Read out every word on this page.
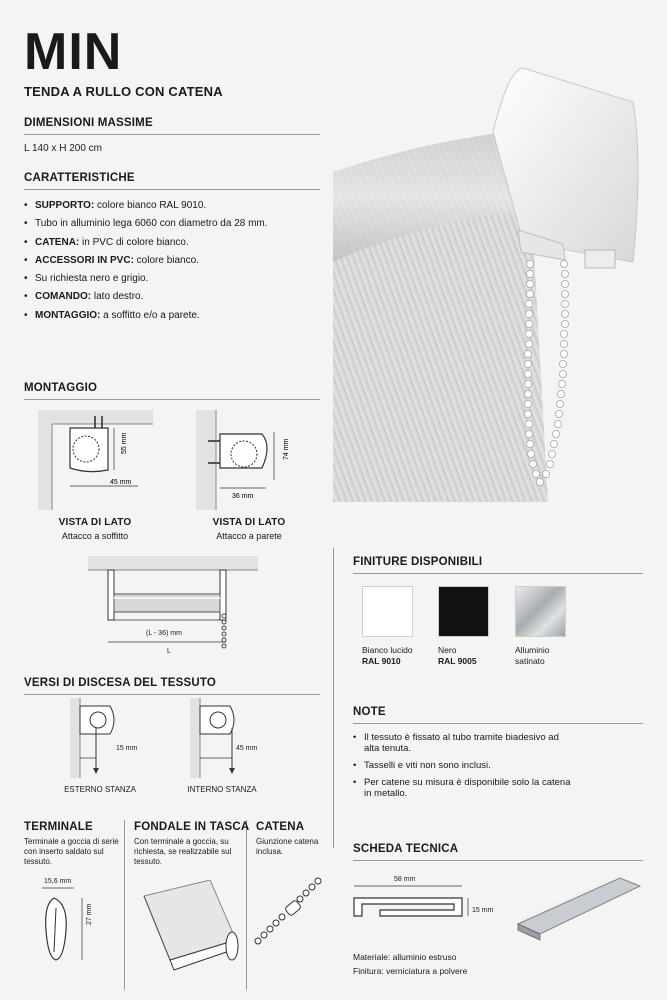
MIN
TENDA A RULLO CON CATENA
DIMENSIONI MASSIME
L 140 x H 200 cm
CARATTERISTICHE
• SUPPORTO: colore bianco RAL 9010.
• Tubo in alluminio lega 6060 con diametro da 28 mm.
• CATENA: in PVC di colore bianco.
• ACCESSORI IN PVC: colore bianco.
• Su richiesta nero e grigio.
• COMANDO: lato destro.
• MONTAGGIO: a soffitto e/o a parete.
MONTAGGIO
55 mm
45 mm
74 mm
36 mm
VISTA DI LATO
Attacco a soffitto
VISTA DI LATO
Attacco a parete
(L - 36) mm
L
VERSI DI DISCESA DEL TESSUTO
15 mm	45 mm
ESTERNO STANZA	INTERNO STANZA
TERMINALE
Terminale a goccia di serie con inserto saldato sul tessuto.
15,6 mm
27 mm
FONDALE IN TASCA
Con terminale a goccia, su richiesta, se realizzabile sul tessuto.
CATENA
Giunzione catena inclusa.
FINITURE DISPONIBILI
Bianco lucido
RAL 9010
Nero
RAL 9005
Alluminio
satinato
NOTE
• Il tessuto è fissato al tubo tramite biadesivo ad alta tenuta.
• Tasselli e viti non sono inclusi.
• Per catene su misura è disponibile solo la catena in metallo.
SCHEDA TECNICA
58 mm
15 mm
Materiale: alluminio estruso
Finitura: verniciatura a polvere
